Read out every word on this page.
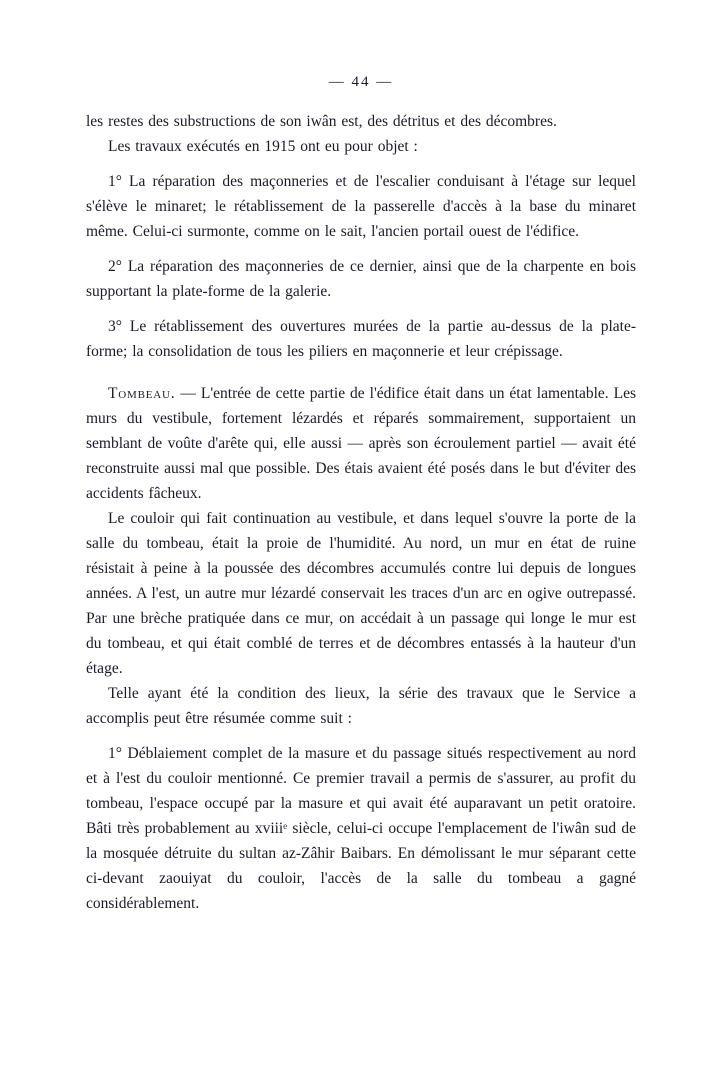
— 44 —

les restes des substructions de son iwân est, des détritus et des décombres.

Les travaux exécutés en 1915 ont eu pour objet :

1° La réparation des maçonneries et de l'escalier conduisant à l'étage sur lequel s'élève le minaret; le rétablissement de la passerelle d'accès à la base du minaret même. Celui-ci surmonte, comme on le sait, l'ancien portail ouest de l'édifice.

2° La réparation des maçonneries de ce dernier, ainsi que de la charpente en bois supportant la plate-forme de la galerie.

3° Le rétablissement des ouvertures murées de la partie au-dessus de la plate-forme; la consolidation de tous les piliers en maçonnerie et leur crépissage.

Tombeau. — L'entrée de cette partie de l'édifice était dans un état lamentable. Les murs du vestibule, fortement lézardés et réparés sommairement, supportaient un semblant de voûte d'arête qui, elle aussi — après son écroulement partiel — avait été reconstruite aussi mal que possible. Des étais avaient été posés dans le but d'éviter des accidents fâcheux.

Le couloir qui fait continuation au vestibule, et dans lequel s'ouvre la porte de la salle du tombeau, était la proie de l'humidité. Au nord, un mur en état de ruine résistait à peine à la poussée des décombres accumulés contre lui depuis de longues années. A l'est, un autre mur lézardé conservait les traces d'un arc en ogive outrepassé. Par une brèche pratiquée dans ce mur, on accédait à un passage qui longe le mur est du tombeau, et qui était comblé de terres et de décombres entassés à la hauteur d'un étage.

Telle ayant été la condition des lieux, la série des travaux que le Service a accomplis peut être résumée comme suit :

1° Déblaiement complet de la masure et du passage situés respectivement au nord et à l'est du couloir mentionné. Ce premier travail a permis de s'assurer, au profit du tombeau, l'espace occupé par la masure et qui avait été auparavant un petit oratoire. Bâti très probablement au xviiiᵉ siècle, celui-ci occupe l'emplacement de l'iwân sud de la mosquée détruite du sultan az-Zâhir Baibars. En démolissant le mur séparant cette ci-devant zaouiyat du couloir, l'accès de la salle du tombeau a gagné considérablement.
